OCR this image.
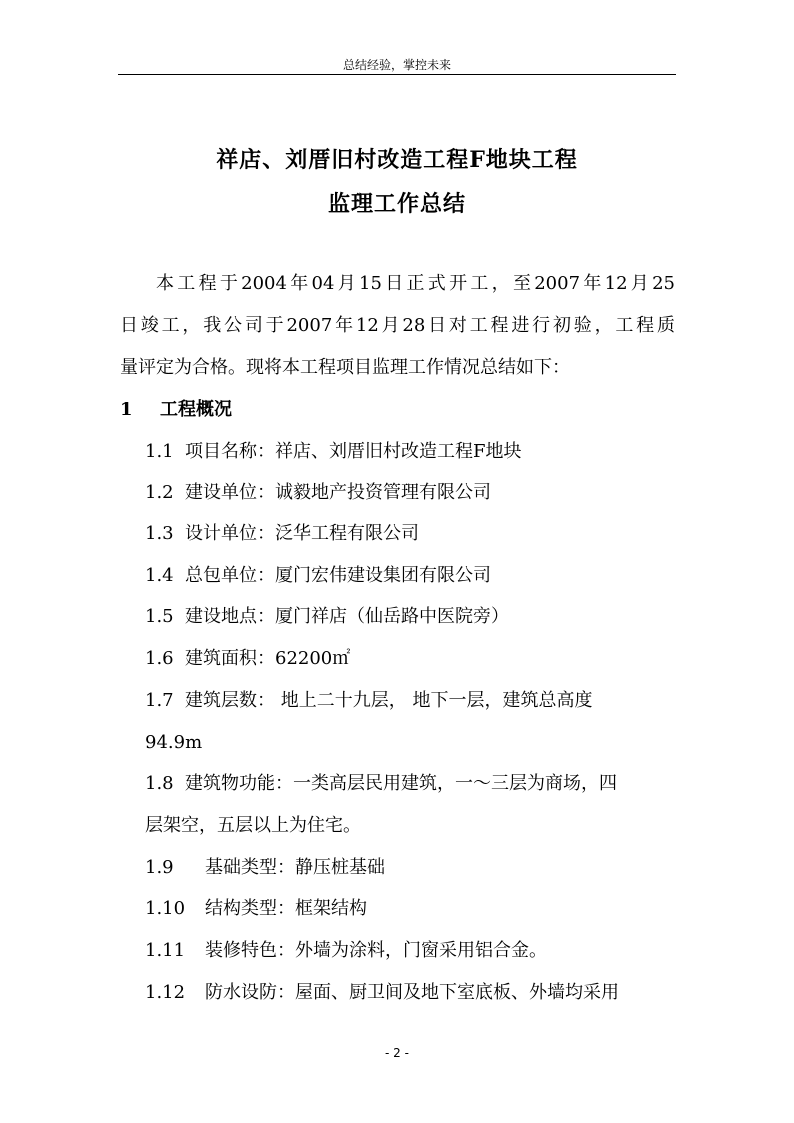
总结经验，掌控未来
祥店、刘厝旧村改造工程F地块工程
监理工作总结
本工程于2004年04月15日正式开工，至2007年12月25
日竣工，我公司于2007年12月28日对工程进行初验，工程质
量评定为合格。现将本工程项目监理工作情况总结如下：
1 工程概况
1.1 项目名称：祥店、刘厝旧村改造工程F地块
1.2 建设单位：诚毅地产投资管理有限公司
1.3 设计单位：泛华工程有限公司
1.4 总包单位：厦门宏伟建设集团有限公司
1.5 建设地点：厦门祥店（仙岳路中医院旁）
1.6 建筑面积：62200㎡
1.7 建筑层数： 地上二十九层， 地下一层，建筑总高度
94.9m
1.8 建筑物功能：一类高层民用建筑，一～三层为商场，四
层架空，五层以上为住宅。
1.9 基础类型：静压桩基础
1.10 结构类型：框架结构
1.11 装修特色：外墙为涂料，门窗采用铝合金。
1.12 防水设防：屋面、厨卫间及地下室底板、外墙均采用
- 2 -
